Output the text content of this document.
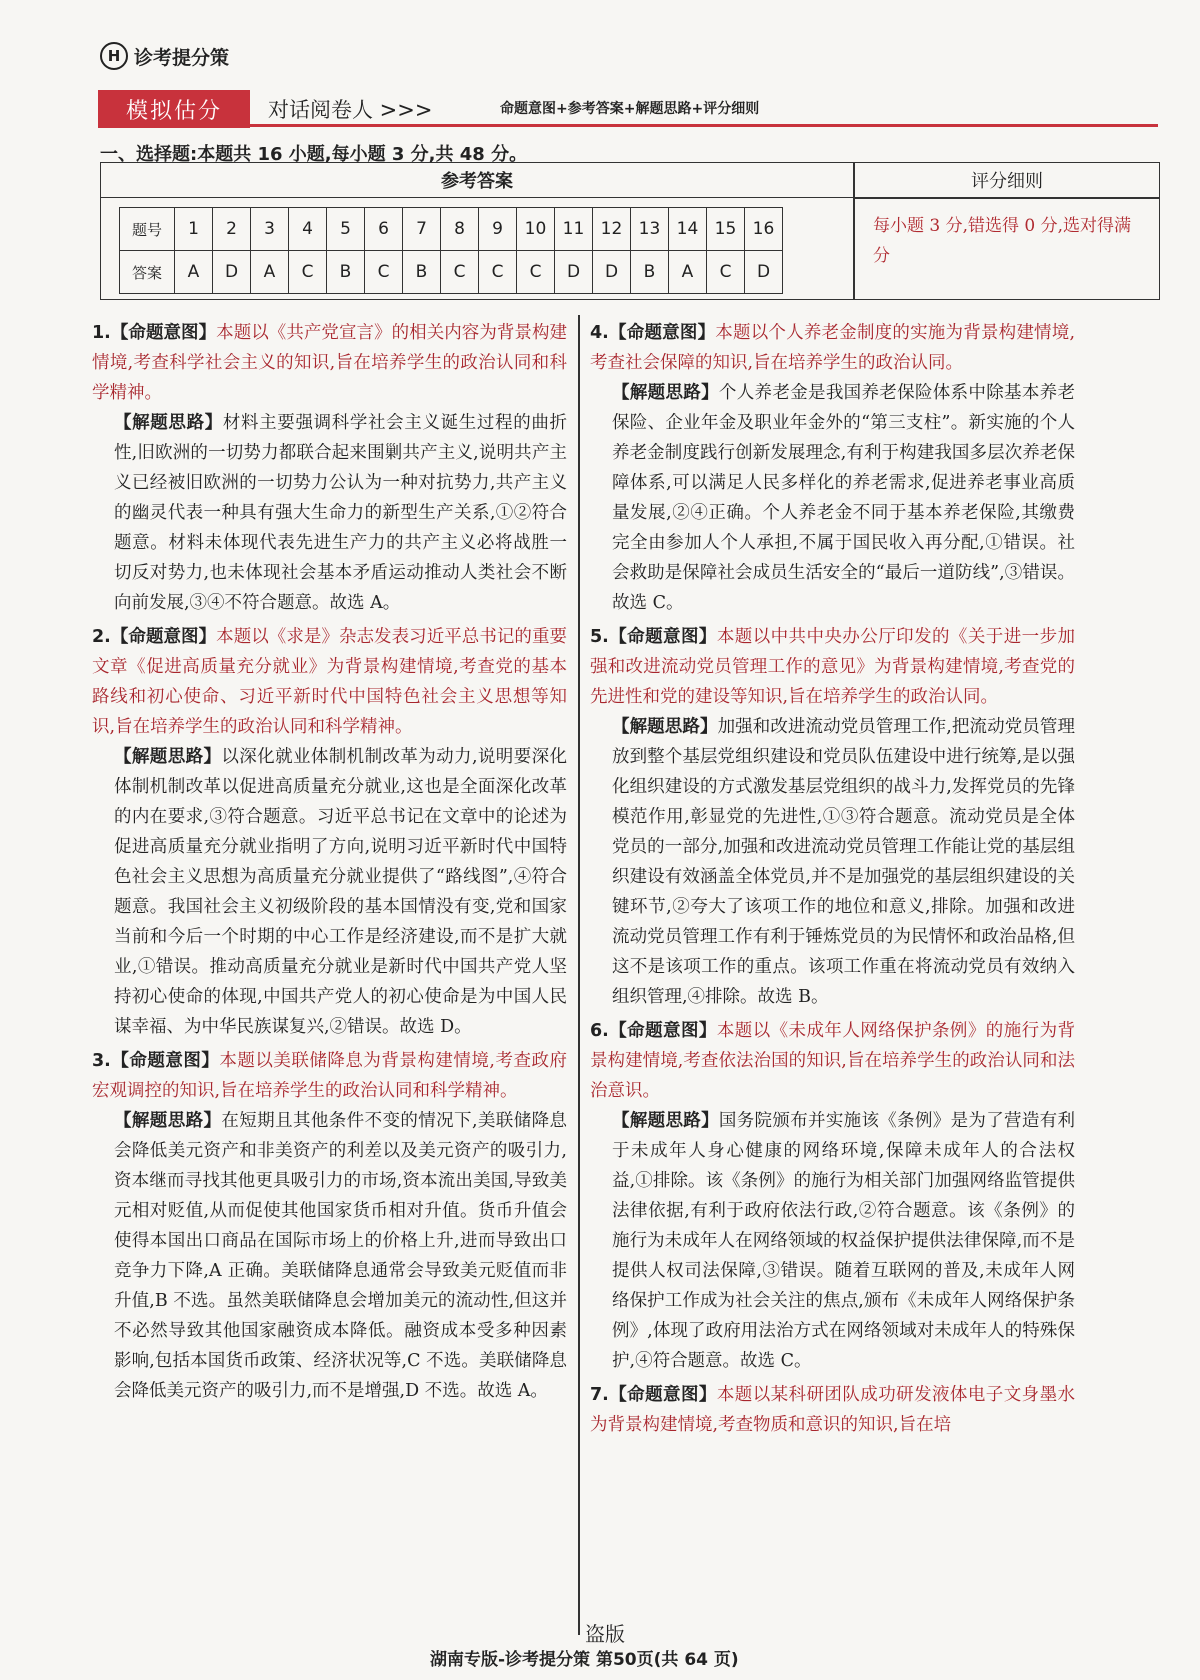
H 诊考提分策
模拟估分	对话阅卷人 >>>	命题意图+参考答案+解题思路+评分细则
一、选择题:本题共 16 小题,每小题 3 分,共 48 分。
参考答案	评分细则
题号	1	2	3	4	5	6	7	8	9	10	11	12	13	14	15	16
答案	A	D	A	C	B	C	B	C	C	C	D	D	B	A	C	D
每小题 3 分,错选得 0 分,选对得满分
1.【命题意图】本题以《共产党宣言》的相关内容为背景构建情境,考查科学社会主义的知识,旨在培养学生的政治认同和科学精神。
【解题思路】材料主要强调科学社会主义诞生过程的曲折性,旧欧洲的一切势力都联合起来围剿共产主义,说明共产主义已经被旧欧洲的一切势力公认为一种对抗势力,共产主义的幽灵代表一种具有强大生命力的新型生产关系,①②符合题意。材料未体现代表先进生产力的共产主义必将战胜一切反对势力,也未体现社会基本矛盾运动推动人类社会不断向前发展,③④不符合题意。故选 A。
2.【命题意图】本题以《求是》杂志发表习近平总书记的重要文章《促进高质量充分就业》为背景构建情境,考查党的基本路线和初心使命、习近平新时代中国特色社会主义思想等知识,旨在培养学生的政治认同和科学精神。
【解题思路】以深化就业体制机制改革为动力,说明要深化体制机制改革以促进高质量充分就业,这也是全面深化改革的内在要求,③符合题意。习近平总书记在文章中的论述为促进高质量充分就业指明了方向,说明习近平新时代中国特色社会主义思想为高质量充分就业提供了“路线图”,④符合题意。我国社会主义初级阶段的基本国情没有变,党和国家当前和今后一个时期的中心工作是经济建设,而不是扩大就业,①错误。推动高质量充分就业是新时代中国共产党人坚持初心使命的体现,中国共产党人的初心使命是为中国人民谋幸福、为中华民族谋复兴,②错误。故选 D。
3.【命题意图】本题以美联储降息为背景构建情境,考查政府宏观调控的知识,旨在培养学生的政治认同和科学精神。
【解题思路】在短期且其他条件不变的情况下,美联储降息会降低美元资产和非美资产的利差以及美元资产的吸引力,资本继而寻找其他更具吸引力的市场,资本流出美国,导致美元相对贬值,从而促使其他国家货币相对升值。货币升值会使得本国出口商品在国际市场上的价格上升,进而导致出口竞争力下降,A 正确。美联储降息通常会导致美元贬值而非升值,B 不选。虽然美联储降息会增加美元的流动性,但这并不必然导致其他国家融资成本降低。融资成本受多种因素影响,包括本国货币政策、经济状况等,C 不选。美联储降息会降低美元资产的吸引力,而不是增强,D 不选。故选 A。
4.【命题意图】本题以个人养老金制度的实施为背景构建情境,考查社会保障的知识,旨在培养学生的政治认同。
【解题思路】个人养老金是我国养老保险体系中除基本养老保险、企业年金及职业年金外的“第三支柱”。新实施的个人养老金制度践行创新发展理念,有利于构建我国多层次养老保障体系,可以满足人民多样化的养老需求,促进养老事业高质量发展,②④正确。个人养老金不同于基本养老保险,其缴费完全由参加人个人承担,不属于国民收入再分配,①错误。社会救助是保障社会成员生活安全的“最后一道防线”,③错误。故选 C。
5.【命题意图】本题以中共中央办公厅印发的《关于进一步加强和改进流动党员管理工作的意见》为背景构建情境,考查党的先进性和党的建设等知识,旨在培养学生的政治认同。
【解题思路】加强和改进流动党员管理工作,把流动党员管理放到整个基层党组织建设和党员队伍建设中进行统筹,是以强化组织建设的方式激发基层党组织的战斗力,发挥党员的先锋模范作用,彰显党的先进性,①③符合题意。流动党员是全体党员的一部分,加强和改进流动党员管理工作能让党的基层组织建设有效涵盖全体党员,并不是加强党的基层组织建设的关键环节,②夸大了该项工作的地位和意义,排除。加强和改进流动党员管理工作有利于锤炼党员的为民情怀和政治品格,但这不是该项工作的重点。该项工作重在将流动党员有效纳入组织管理,④排除。故选 B。
6.【命题意图】本题以《未成年人网络保护条例》的施行为背景构建情境,考查依法治国的知识,旨在培养学生的政治认同和法治意识。
【解题思路】国务院颁布并实施该《条例》是为了营造有利于未成年人身心健康的网络环境,保障未成年人的合法权益,①排除。该《条例》的施行为相关部门加强网络监管提供法律依据,有利于政府依法行政,②符合题意。该《条例》的施行为未成年人在网络领域的权益保护提供法律保障,而不是提供人权司法保障,③错误。随着互联网的普及,未成年人网络保护工作成为社会关注的焦点,颁布《未成年人网络保护条例》,体现了政府用法治方式在网络领域对未成年人的特殊保护,④符合题意。故选 C。
7.【命题意图】本题以某科研团队成功研发液体电子文身墨水为背景构建情境,考查物质和意识的知识,旨在培
盗版
湖南专版-诊考提分策 第50页(共 64 页)
